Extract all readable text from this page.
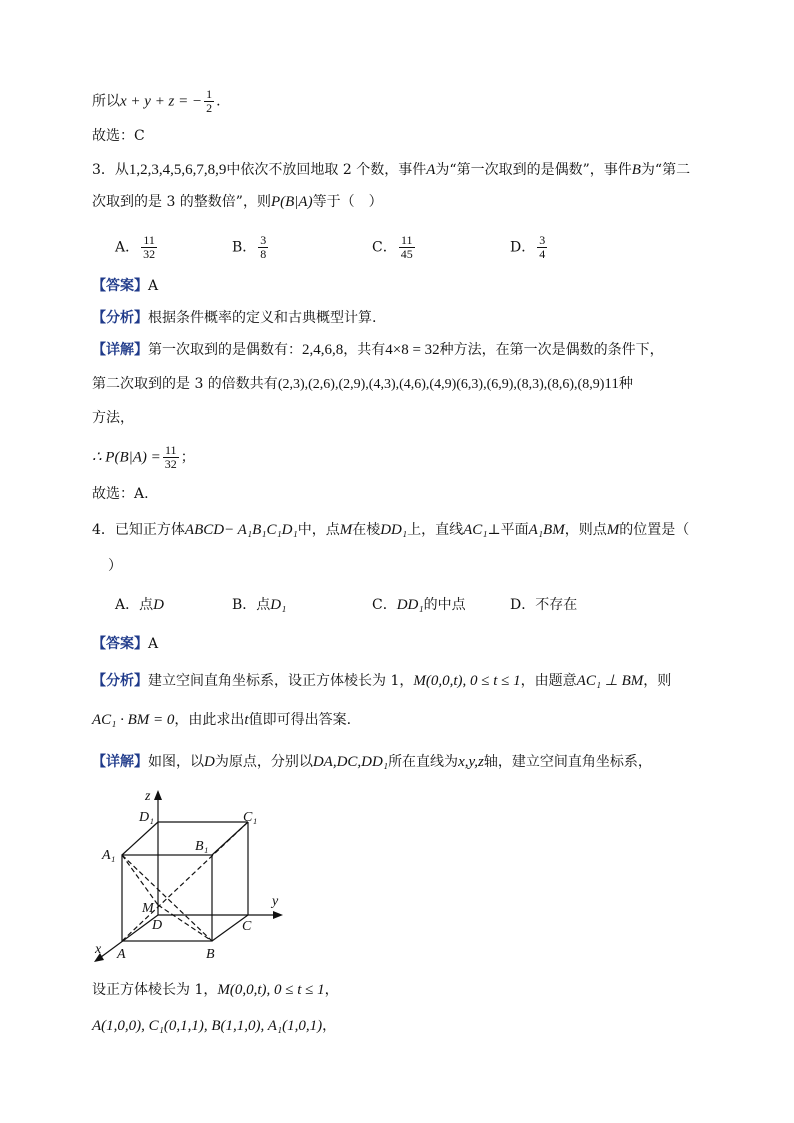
所以x + y + z = − $\frac{1}{2}$ .
故选：C
3．从1,2,3,4,5,6,7,8,9中依次不放回地取 2 个数，事件A为“第一次取到的是偶数”，事件B为“第二
次取到的是 3 的整数倍”，则P(B|A)等于（　）
A． $\frac{11}{32}$	B． $\frac{3}{8}$	C． $\frac{11}{45}$	D． $\frac{3}{4}$
【答案】A
【分析】根据条件概率的定义和古典概型计算.
【详解】第一次取到的是偶数有：2,4,6,8，共有4×8 = 32种方法，在第一次是偶数的条件下，
第二次取到的是 3 的倍数共有(2,3),(2,6),(2,9),(4,3),(4,6),(4,9)(6,3),(6,9),(8,3),(8,6),(8,9)11种
方法，
∴ $P(B|A) = \frac{11}{32}$ ；
故选：A.
4．已知正方体ABCD− A₁B₁C₁D₁中，点M在棱DD₁上，直线AC₁⊥平面A₁BM，则点M的位置是（
）
A．点D	B．点D₁	C．DD₁的中点	D．不存在
【答案】A
【分析】建立空间直角坐标系，设正方体棱长为 1，M(0,0,t), 0 ≤ t ≤ 1，由题意AC₁ ⊥ BM，则
AC₁ · BM = 0，由此求出t值即可得出答案.
【详解】如图，以D为原点，分别以DA,DC,DD₁所在直线为x,y,z轴，建立空间直角坐标系，
z
y
x
D₁	C₁
A₁
B₁
M
D	C
A	B
设正方体棱长为 1，M(0,0,t), 0 ≤ t ≤ 1，
A(1,0,0), C₁(0,1,1), B(1,1,0), A₁(1,0,1)，
